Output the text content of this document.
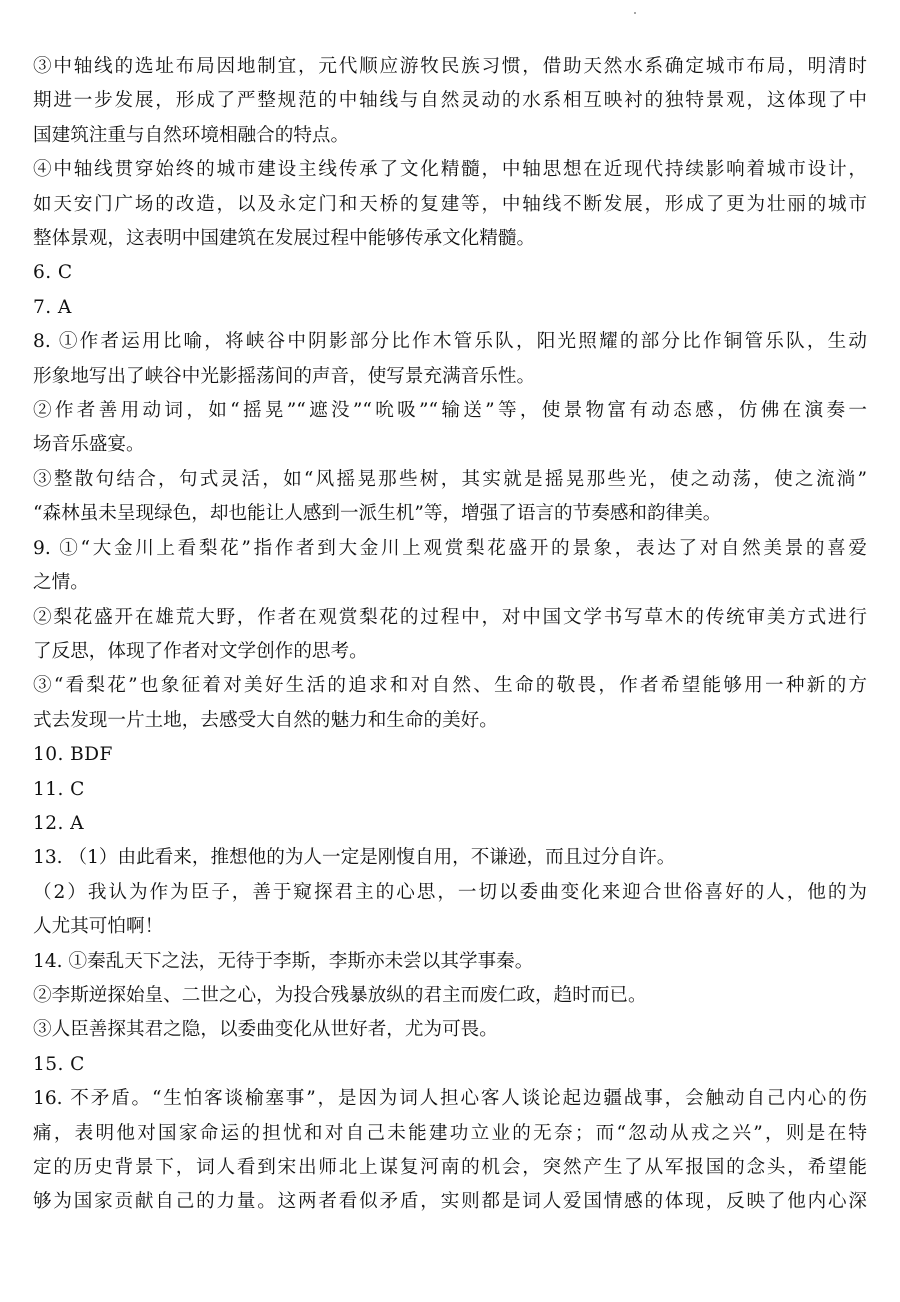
③中轴线的选址布局因地制宜，元代顺应游牧民族习惯，借助天然水系确定城市布局，明清时

期进一步发展，形成了严整规范的中轴线与自然灵动的水系相互映衬的独特景观，这体现了中

国建筑注重与自然环境相融合的特点。

④中轴线贯穿始终的城市建设主线传承了文化精髓，中轴思想在近现代持续影响着城市设计，

如天安门广场的改造，以及永定门和天桥的复建等，中轴线不断发展，形成了更为壮丽的城市

整体景观，这表明中国建筑在发展过程中能够传承文化精髓。

6. C

7. A

8. ①作者运用比喻，将峡谷中阴影部分比作木管乐队，阳光照耀的部分比作铜管乐队，生动

形象地写出了峡谷中光影摇荡间的声音，使写景充满音乐性。

②作者善用动词，如“摇晃”“遮没”“吮吸”“输送”等，使景物富有动态感，仿佛在演奏一

场音乐盛宴。

③整散句结合，句式灵活，如“风摇晃那些树，其实就是摇晃那些光，使之动荡，使之流淌”

“森林虽未呈现绿色，却也能让人感到一派生机”等，增强了语言的节奏感和韵律美。

9. ①“大金川上看梨花”指作者到大金川上观赏梨花盛开的景象，表达了对自然美景的喜爱

之情。

②梨花盛开在雄荒大野，作者在观赏梨花的过程中，对中国文学书写草木的传统审美方式进行

了反思，体现了作者对文学创作的思考。

③“看梨花”也象征着对美好生活的追求和对自然、生命的敬畏，作者希望能够用一种新的方

式去发现一片土地，去感受大自然的魅力和生命的美好。

10. BDF

11. C

12. A

13. （1）由此看来，推想他的为人一定是刚愎自用，不谦逊，而且过分自许。

（2）我认为作为臣子，善于窥探君主的心思，一切以委曲变化来迎合世俗喜好的人，他的为

人尤其可怕啊！

14. ①秦乱天下之法，无待于李斯，李斯亦未尝以其学事秦。

②李斯逆探始皇、二世之心，为投合残暴放纵的君主而废仁政，趋时而已。

③人臣善探其君之隐，以委曲变化从世好者，尤为可畏。

15. C

16. 不矛盾。“生怕客谈榆塞事”，是因为词人担心客人谈论起边疆战事，会触动自己内心的伤

痛，表明他对国家命运的担忧和对自己未能建功立业的无奈；而“忽动从戎之兴”，则是在特

定的历史背景下，词人看到宋出师北上谋复河南的机会，突然产生了从军报国的念头，希望能

够为国家贡献自己的力量。这两者看似矛盾，实则都是词人爱国情感的体现，反映了他内心深
